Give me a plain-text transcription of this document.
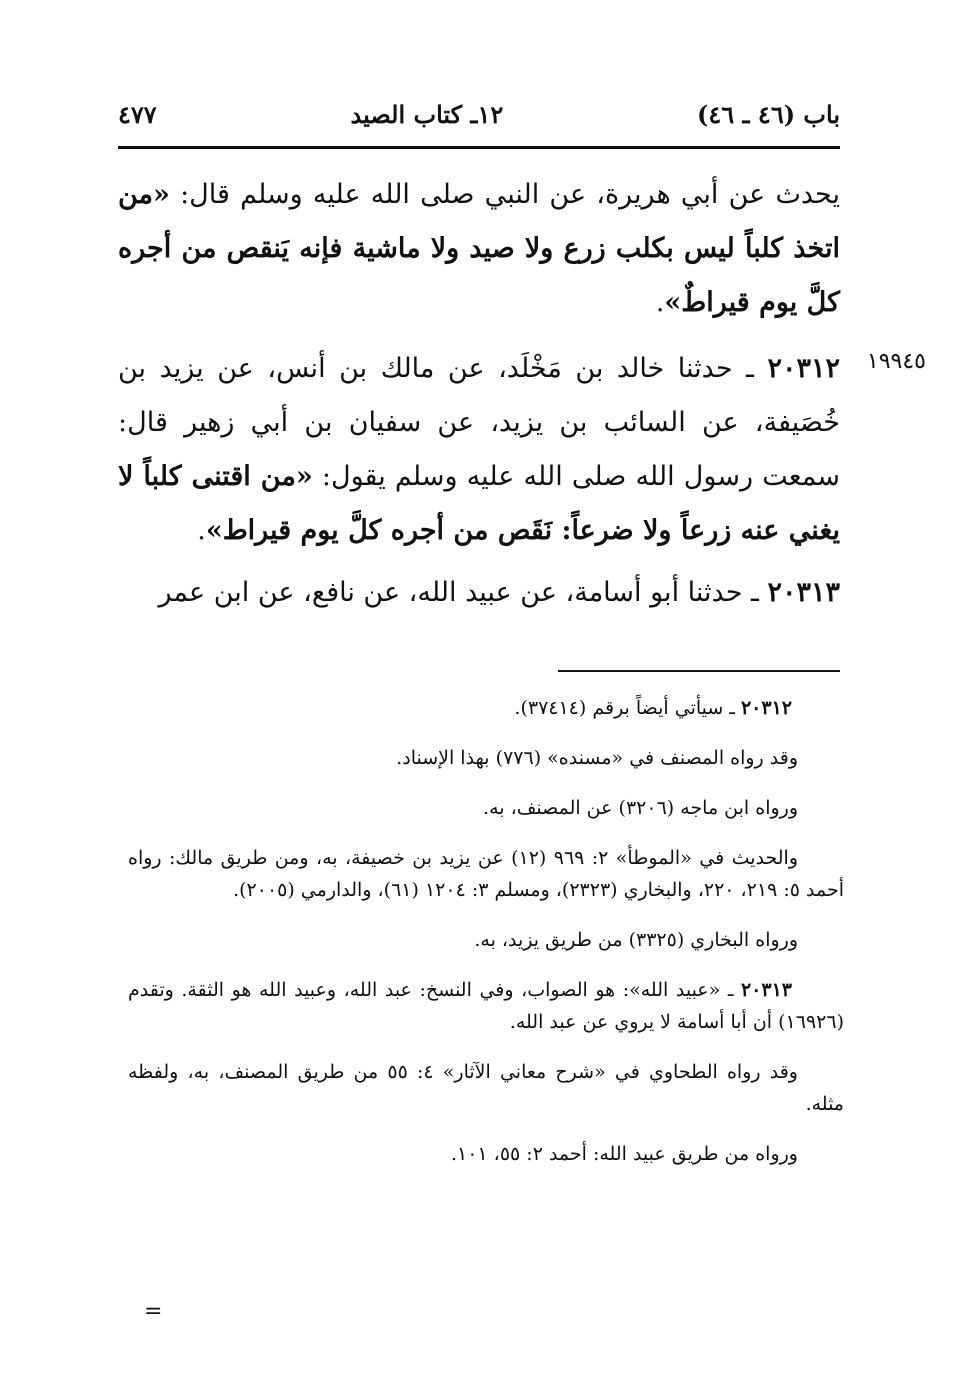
باب (٤٦ ـ ٤٦)
١٢ـ كتاب الصيد
٤٧٧
يحدث عن أبي هريرة، عن النبي صلى الله عليه وسلم قال: «من اتخذ كلباً ليس بكلب زرع ولا صيد ولا ماشية فإنه يَنقص من أجره كلَّ يوم قيراطٌ».
١٩٩٤٥
٢٠٣١٢ ـ حدثنا خالد بن مَخْلَد، عن مالك بن أنس، عن يزيد بن خُصَيفة، عن السائب بن يزيد، عن سفيان بن أبي زهير قال: سمعت رسول الله صلى الله عليه وسلم يقول: «من اقتنى كلباً لا يغني عنه زرعاً ولا ضرعاً: نَقَص من أجره كلَّ يوم قيراط».
٢٠٣١٣ ـ حدثنا أبو أسامة، عن عبيد الله، عن نافع، عن ابن عمر

٢٠٣١٢ ـ سيأتي أيضاً برقم (٣٧٤١٤).

وقد رواه المصنف في «مسنده» (٧٧٦) بهذا الإسناد.

ورواه ابن ماجه (٣٢٠٦) عن المصنف، به.

والحديث في «الموطأ» ٢: ٩٦٩ (١٢) عن يزيد بن خصيفة، به، ومن طريق مالك: رواه أحمد ٥: ٢١٩، ٢٢٠، والبخاري (٢٣٢٣)، ومسلم ٣: ١٢٠٤ (٦١)، والدارمي (٢٠٠٥).

ورواه البخاري (٣٣٢٥) من طريق يزيد، به.

٢٠٣١٣ ـ «عبيد الله»: هو الصواب، وفي النسخ: عبد الله، وعبيد الله هو الثقة. وتقدم (١٦٩٢٦) أن أبا أسامة لا يروي عن عبد الله.

وقد رواه الطحاوي في «شرح معاني الآثار» ٤: ٥٥ من طريق المصنف، به، ولفظه مثله.

ورواه من طريق عبيد الله: أحمد ٢: ٥٥، ١٠١.

=
